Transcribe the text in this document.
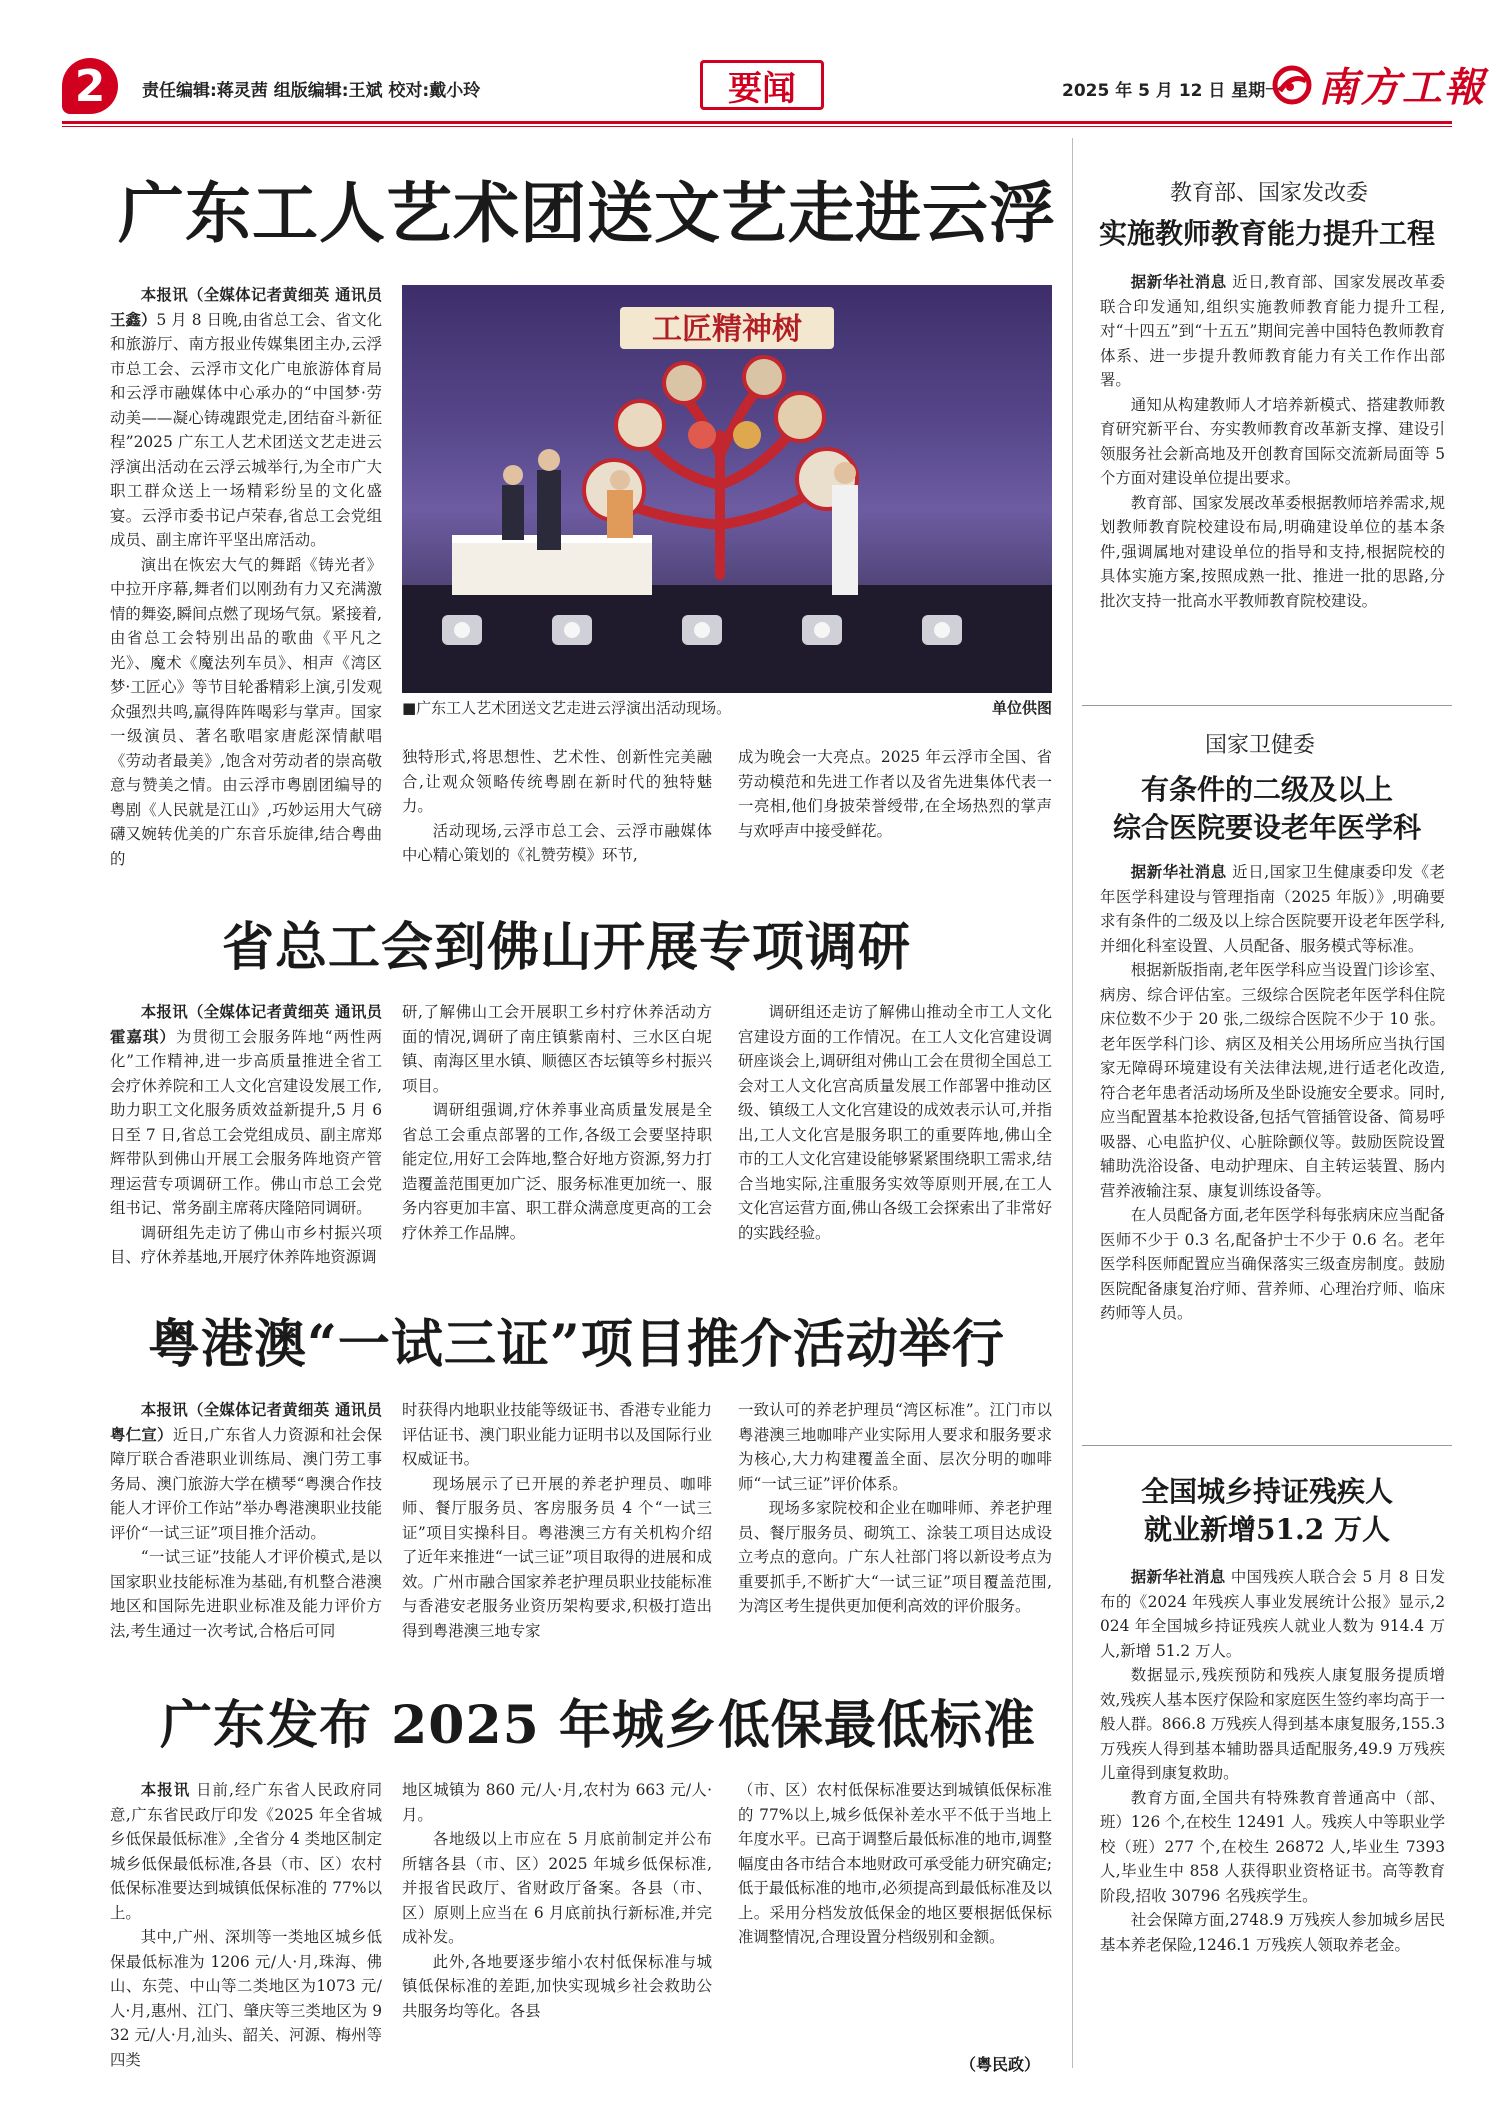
2	责任编辑:蒋灵茜 组版编辑:王斌 校对:戴小玲	要闻	2025 年 5 月 12 日 星期一 南方工報
广东工人艺术团送文艺走进云浮

本报讯（全媒体记者黄细英 通讯员王鑫）5 月 8 日晚,由省总工会、省文化和旅游厅、南方报业传媒集团主办,云浮市总工会、云浮市文化广电旅游体育局和云浮市融媒体中心承办的“中国梦·劳动美——凝心铸魂跟党走,团结奋斗新征程”2025 广东工人艺术团送文艺走进云浮演出活动在云浮云城举行,为全市广大职工群众送上一场精彩纷呈的文化盛宴。云浮市委书记卢荣春,省总工会党组成员、副主席许平坚出席活动。

演出在恢宏大气的舞蹈《铸光者》中拉开序幕,舞者们以刚劲有力又充满激情的舞姿,瞬间点燃了现场气氛。紧接着,由省总工会特别出品的歌曲《平凡之光》、魔术《魔法列车员》、相声《湾区梦·工匠心》等节目轮番精彩上演,引发观众强烈共鸣,赢得阵阵喝彩与掌声。国家一级演员、著名歌唱家唐彪深情献唱《劳动者最美》,饱含对劳动者的崇高敬意与赞美之情。由云浮市粤剧团编导的粤剧《人民就是江山》,巧妙运用大气磅礴又婉转优美的广东音乐旋律,结合粤曲的

工匠精神树
■广东工人艺术团送文艺走进云浮演出活动现场。	单位供图

独特形式,将思想性、艺术性、创新性完美融合,让观众领略传统粤剧在新时代的独特魅力。

活动现场,云浮市总工会、云浮市融媒体中心精心策划的《礼赞劳模》环节,

成为晚会一大亮点。2025 年云浮市全国、省劳动模范和先进工作者以及省先进集体代表一一亮相,他们身披荣誉绶带,在全场热烈的掌声与欢呼声中接受鲜花。

省总工会到佛山开展专项调研

本报讯（全媒体记者黄细英 通讯员霍嘉琪）为贯彻工会服务阵地“两性两化”工作精神,进一步高质量推进全省工会疗休养院和工人文化宫建设发展工作,助力职工文化服务质效益新提升,5 月 6 日至 7 日,省总工会党组成员、副主席郑辉带队到佛山开展工会服务阵地资产管理运营专项调研工作。佛山市总工会党组书记、常务副主席蒋庆隆陪同调研。

调研组先走访了佛山市乡村振兴项目、疗休养基地,开展疗休养阵地资源调

研,了解佛山工会开展职工乡村疗休养活动方面的情况,调研了南庄镇紫南村、三水区白坭镇、南海区里水镇、顺德区杏坛镇等乡村振兴项目。

调研组强调,疗休养事业高质量发展是全省总工会重点部署的工作,各级工会要坚持职能定位,用好工会阵地,整合好地方资源,努力打造覆盖范围更加广泛、服务标准更加统一、服务内容更加丰富、职工群众满意度更高的工会疗休养工作品牌。

调研组还走访了解佛山推动全市工人文化宫建设方面的工作情况。在工人文化宫建设调研座谈会上,调研组对佛山工会在贯彻全国总工会对工人文化宫高质量发展工作部署中推动区级、镇级工人文化宫建设的成效表示认可,并指出,工人文化宫是服务职工的重要阵地,佛山全市的工人文化宫建设能够紧紧围绕职工需求,结合当地实际,注重服务实效等原则开展,在工人文化宫运营方面,佛山各级工会探索出了非常好的实践经验。

粤港澳“一试三证”项目推介活动举行

本报讯（全媒体记者黄细英 通讯员粤仁宣）近日,广东省人力资源和社会保障厅联合香港职业训练局、澳门劳工事务局、澳门旅游大学在横琴“粤澳合作技能人才评价工作站”举办粤港澳职业技能评价“一试三证”项目推介活动。

“一试三证”技能人才评价模式,是以国家职业技能标准为基础,有机整合港澳地区和国际先进职业标准及能力评价方法,考生通过一次考试,合格后可同

时获得内地职业技能等级证书、香港专业能力评估证书、澳门职业能力证明书以及国际行业权威证书。

现场展示了已开展的养老护理员、咖啡师、餐厅服务员、客房服务员 4 个“一试三证”项目实操科目。粤港澳三方有关机构介绍了近年来推进“一试三证”项目取得的进展和成效。广州市融合国家养老护理员职业技能标准与香港安老服务业资历架构要求,积极打造出得到粤港澳三地专家

一致认可的养老护理员“湾区标准”。江门市以粤港澳三地咖啡产业实际用人要求和服务要求为核心,大力构建覆盖全面、层次分明的咖啡师“一试三证”评价体系。

现场多家院校和企业在咖啡师、养老护理员、餐厅服务员、砌筑工、涂装工项目达成设立考点的意向。广东人社部门将以新设考点为重要抓手,不断扩大“一试三证”项目覆盖范围,为湾区考生提供更加便利高效的评价服务。

广东发布 2025 年城乡低保最低标准

本报讯 日前,经广东省人民政府同意,广东省民政厅印发《2025 年全省城乡低保最低标准》,全省分 4 类地区制定城乡低保最低标准,各县（市、区）农村低保标准要达到城镇低保标准的 77%以上。

其中,广州、深圳等一类地区城乡低保最低标准为 1206 元/人·月,珠海、佛山、东莞、中山等二类地区为1073 元/人·月,惠州、江门、肇庆等三类地区为 932 元/人·月,汕头、韶关、河源、梅州等四类

地区城镇为 860 元/人·月,农村为 663 元/人·月。

各地级以上市应在 5 月底前制定并公布所辖各县（市、区）2025 年城乡低保标准,并报省民政厅、省财政厅备案。各县（市、区）原则上应当在 6 月底前执行新标准,并完成补发。

此外,各地要逐步缩小农村低保标准与城镇低保标准的差距,加快实现城乡社会救助公共服务均等化。各县

（市、区）农村低保标准要达到城镇低保标准的 77%以上,城乡低保补差水平不低于当地上年度水平。已高于调整后最低标准的地市,调整幅度由各市结合本地财政可承受能力研究确定;低于最低标准的地市,必须提高到最低标准及以上。采用分档发放低保金的地区要根据低保标准调整情况,合理设置分档级别和金额。

（粤民政）
教育部、国家发改委
实施教师教育能力提升工程

据新华社消息 近日,教育部、国家发展改革委联合印发通知,组织实施教师教育能力提升工程,对“十四五”到“十五五”期间完善中国特色教师教育体系、进一步提升教师教育能力有关工作作出部署。

通知从构建教师人才培养新模式、搭建教师教育研究新平台、夯实教师教育改革新支撑、建设引领服务社会新高地及开创教育国际交流新局面等 5 个方面对建设单位提出要求。

教育部、国家发展改革委根据教师培养需求,规划教师教育院校建设布局,明确建设单位的基本条件,强调属地对建设单位的指导和支持,根据院校的具体实施方案,按照成熟一批、推进一批的思路,分批次支持一批高水平教师教育院校建设。

国家卫健委
有条件的二级及以上
综合医院要设老年医学科

据新华社消息 近日,国家卫生健康委印发《老年医学科建设与管理指南（2025 年版）》,明确要求有条件的二级及以上综合医院要开设老年医学科,并细化科室设置、人员配备、服务模式等标准。

根据新版指南,老年医学科应当设置门诊诊室、病房、综合评估室。三级综合医院老年医学科住院床位数不少于 20 张,二级综合医院不少于 10 张。老年医学科门诊、病区及相关公用场所应当执行国家无障碍环境建设有关法律法规,进行适老化改造,符合老年患者活动场所及坐卧设施安全要求。同时,应当配置基本抢救设备,包括气管插管设备、简易呼吸器、心电监护仪、心脏除颤仪等。鼓励医院设置辅助洗浴设备、电动护理床、自主转运装置、肠内营养液输注泵、康复训练设备等。

在人员配备方面,老年医学科每张病床应当配备医师不少于 0.3 名,配备护士不少于 0.6 名。老年医学科医师配置应当确保落实三级查房制度。鼓励医院配备康复治疗师、营养师、心理治疗师、临床药师等人员。

全国城乡持证残疾人
就业新增51.2 万人

据新华社消息 中国残疾人联合会 5 月 8 日发布的《2024 年残疾人事业发展统计公报》显示,2024 年全国城乡持证残疾人就业人数为 914.4 万人,新增 51.2 万人。

数据显示,残疾预防和残疾人康复服务提质增效,残疾人基本医疗保险和家庭医生签约率均高于一般人群。866.8 万残疾人得到基本康复服务,155.3 万残疾人得到基本辅助器具适配服务,49.9 万残疾儿童得到康复救助。

教育方面,全国共有特殊教育普通高中（部、班）126 个,在校生 12491 人。残疾人中等职业学校（班）277 个,在校生 26872 人,毕业生 7393 人,毕业生中 858 人获得职业资格证书。高等教育阶段,招收 30796 名残疾学生。

社会保障方面,2748.9 万残疾人参加城乡居民基本养老保险,1246.1 万残疾人领取养老金。
